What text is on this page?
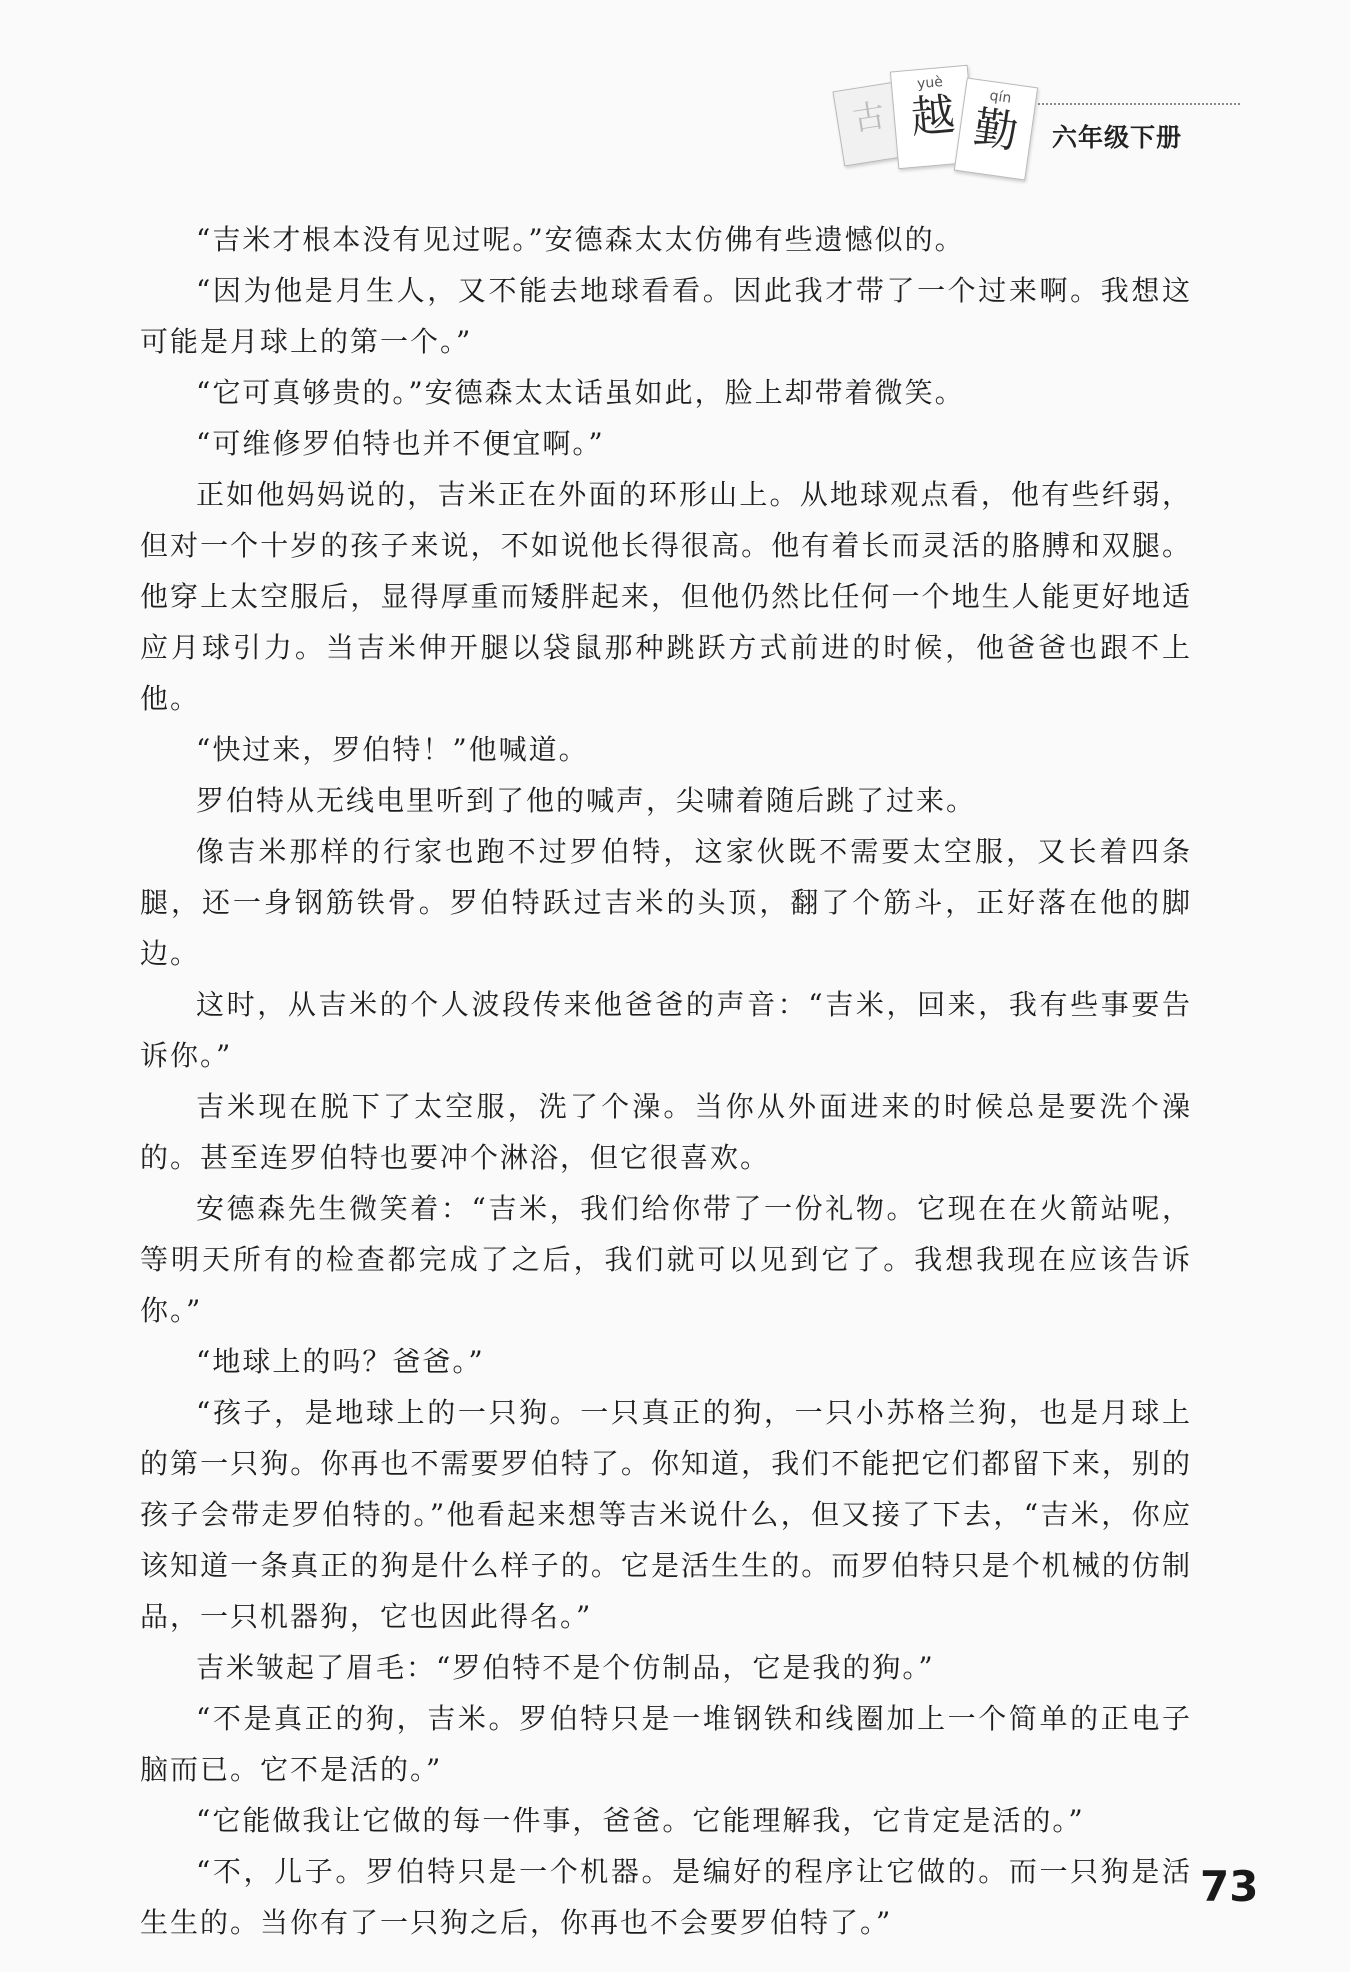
古
yuè
越	qín
勤	六年级下册

“吉米才根本没有见过呢。”安德森太太仿佛有些遗憾似的。

“因为他是月生人，又不能去地球看看。因此我才带了一个过来啊。我想这可能是月球上的第一个。”

“它可真够贵的。”安德森太太话虽如此，脸上却带着微笑。

“可维修罗伯特也并不便宜啊。”

正如他妈妈说的，吉米正在外面的环形山上。从地球观点看，他有些纤弱，但对一个十岁的孩子来说，不如说他长得很高。他有着长而灵活的胳膊和双腿。他穿上太空服后，显得厚重而矮胖起来，但他仍然比任何一个地生人能更好地适应月球引力。当吉米伸开腿以袋鼠那种跳跃方式前进的时候，他爸爸也跟不上他。

“快过来，罗伯特！”他喊道。

罗伯特从无线电里听到了他的喊声，尖啸着随后跳了过来。

像吉米那样的行家也跑不过罗伯特，这家伙既不需要太空服，又长着四条腿，还一身钢筋铁骨。罗伯特跃过吉米的头顶，翻了个筋斗，正好落在他的脚边。

这时，从吉米的个人波段传来他爸爸的声音：“吉米，回来，我有些事要告诉你。”

吉米现在脱下了太空服，洗了个澡。当你从外面进来的时候总是要洗个澡的。甚至连罗伯特也要冲个淋浴，但它很喜欢。

安德森先生微笑着：“吉米，我们给你带了一份礼物。它现在在火箭站呢，等明天所有的检查都完成了之后，我们就可以见到它了。我想我现在应该告诉你。”

“地球上的吗？爸爸。”

“孩子，是地球上的一只狗。一只真正的狗，一只小苏格兰狗，也是月球上的第一只狗。你再也不需要罗伯特了。你知道，我们不能把它们都留下来，别的孩子会带走罗伯特的。”他看起来想等吉米说什么，但又接了下去，“吉米，你应该知道一条真正的狗是什么样子的。它是活生生的。而罗伯特只是个机械的仿制品，一只机器狗，它也因此得名。”

吉米皱起了眉毛：“罗伯特不是个仿制品，它是我的狗。”

“不是真正的狗，吉米。罗伯特只是一堆钢铁和线圈加上一个简单的正电子脑而已。它不是活的。”

“它能做我让它做的每一件事，爸爸。它能理解我，它肯定是活的。”

“不，儿子。罗伯特只是一个机器。是编好的程序让它做的。而一只狗是活生生的。当你有了一只狗之后，你再也不会要罗伯特了。”

73
